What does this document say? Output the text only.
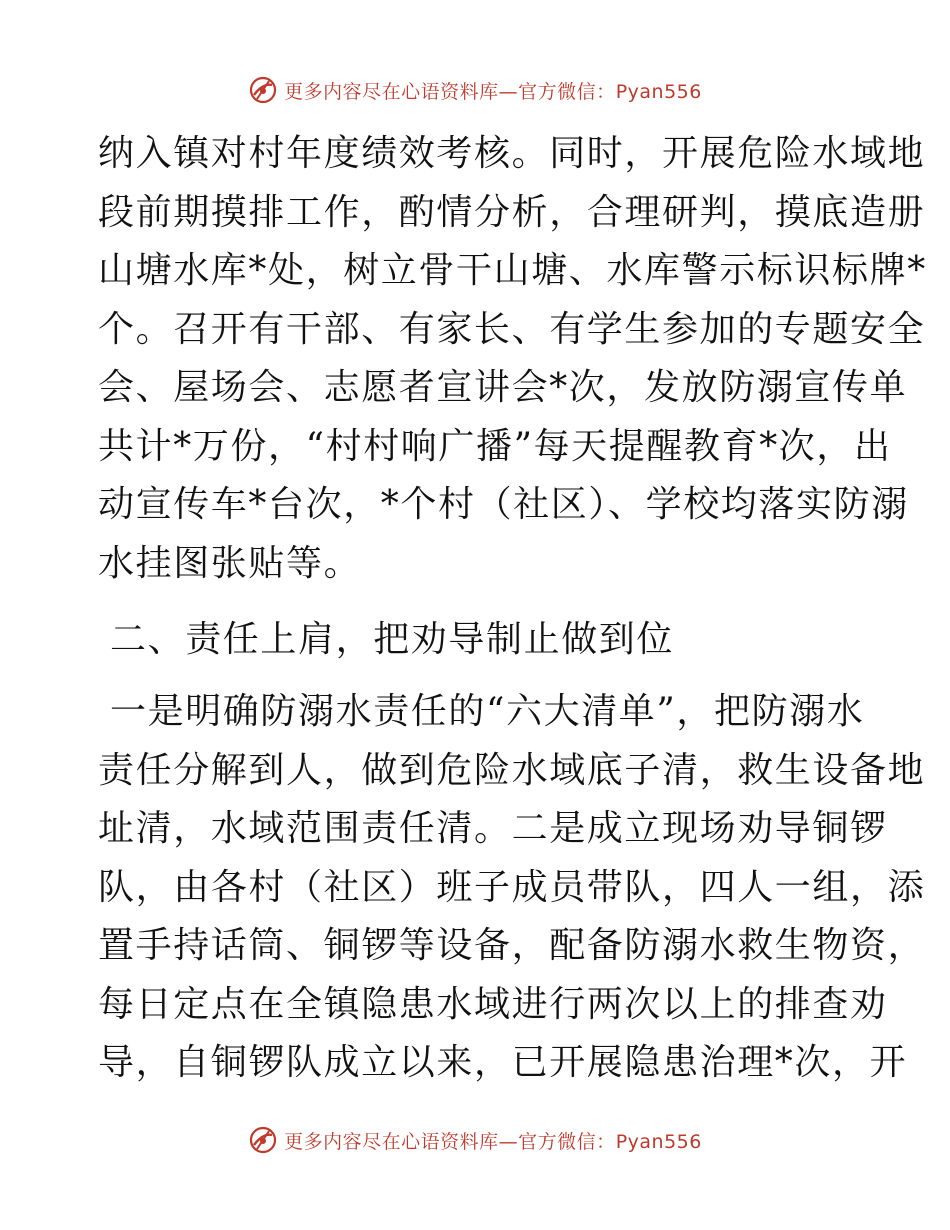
更多内容尽在心语资料库—官方微信：Pyan556
纳入镇对村年度绩效考核。同时，开展危险水域地
段前期摸排工作，酌情分析，合理研判，摸底造册
山塘水库*处，树立骨干山塘、水库警示标识标牌*
个。召开有干部、有家长、有学生参加的专题安全
会、屋场会、志愿者宣讲会*次，发放防溺宣传单
共计*万份，“村村响广播”每天提醒教育*次，出
动宣传车*台次，*个村（社区）、学校均落实防溺
水挂图张贴等。
二、责任上肩，把劝导制止做到位
一是明确防溺水责任的“六大清单”，把防溺水
责任分解到人，做到危险水域底子清，救生设备地
址清，水域范围责任清。二是成立现场劝导铜锣
队，由各村（社区）班子成员带队，四人一组，添
置手持话筒、铜锣等设备，配备防溺水救生物资，
每日定点在全镇隐患水域进行两次以上的排查劝
导，自铜锣队成立以来，已开展隐患治理*次，开
更多内容尽在心语资料库—官方微信：Pyan556
